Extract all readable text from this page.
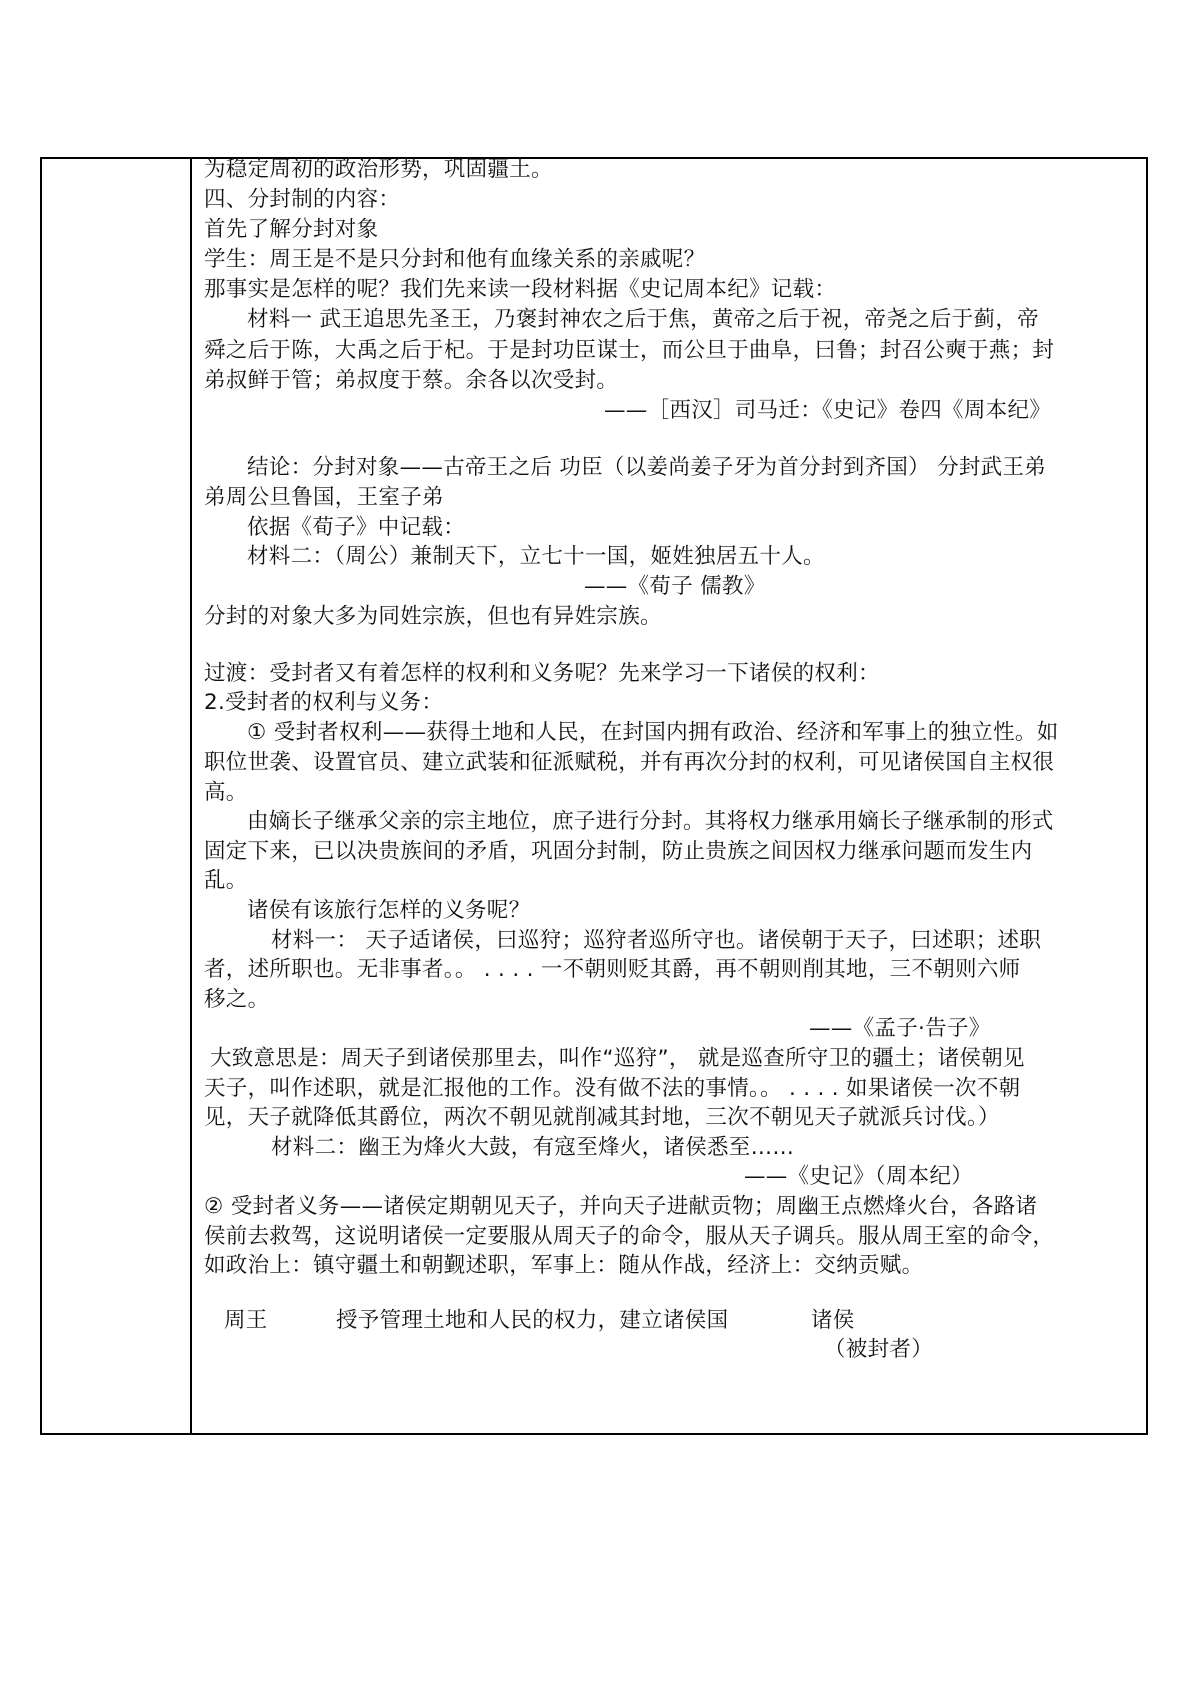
为稳定周初的政治形势，巩固疆土。
四、分封制的内容：
首先了解分封对象
学生：周王是不是只分封和他有血缘关系的亲戚呢？
那事实是怎样的呢？我们先来读一段材料据《史记周本纪》记载：
材料一 武王追思先圣王，乃褒封神农之后于焦，黄帝之后于祝，帝尧之后于蓟，帝
舜之后于陈，大禹之后于杞。于是封功臣谋士，而公旦于曲阜，曰鲁；封召公奭于燕；封
弟叔鲜于管；弟叔度于蔡。余各以次受封。
——［西汉］司马迁：《史记》卷四《周本纪》
结论：分封对象——古帝王之后 功臣（以姜尚姜子牙为首分封到齐国） 分封武王弟
弟周公旦鲁国，王室子弟
依据《荀子》中记载：
材料二：（周公）兼制天下，立七十一国，姬姓独居五十人。
——《荀子 儒教》
分封的对象大多为同姓宗族，但也有异姓宗族。
过渡：受封者又有着怎样的权利和义务呢？先来学习一下诸侯的权利：
2.受封者的权利与义务：
① 受封者权利——获得土地和人民，在封国内拥有政治、经济和军事上的独立性。如
职位世袭、设置官员、建立武装和征派赋税，并有再次分封的权利，可见诸侯国自主权很
高。
由嫡长子继承父亲的宗主地位，庶子进行分封。其将权力继承用嫡长子继承制的形式
固定下来，已以决贵族间的矛盾，巩固分封制，防止贵族之间因权力继承问题而发生内
乱。
诸侯有该旅行怎样的义务呢？
材料一： 天子适诸侯，曰巡狩；巡狩者巡所守也。诸侯朝于天子，曰述职；述职
者，述所职也。无非事者。。 . . . . 一不朝则贬其爵，再不朝则削其地，三不朝则六师
移之。
——《孟子·告子》
大致意思是：周天子到诸侯那里去，叫作“巡狩”， 就是巡查所守卫的疆土；诸侯朝见
天子，叫作述职，就是汇报他的工作。没有做不法的事情。。 . . . . 如果诸侯一次不朝
见，天子就降低其爵位，两次不朝见就削减其封地，三次不朝见天子就派兵讨伐。）
材料二：幽王为烽火大鼓，有寇至烽火，诸侯悉至……
——《史记》（周本纪）
② 受封者义务——诸侯定期朝见天子，并向天子进献贡物；周幽王点燃烽火台，各路诸
侯前去救驾，这说明诸侯一定要服从周天子的命令，服从天子调兵。服从周王室的命令，
如政治上：镇守疆土和朝觐述职，军事上：随从作战，经济上：交纳贡赋。
周王	授予管理土地和人民的权力，建立诸侯国	诸侯
（被封者）
